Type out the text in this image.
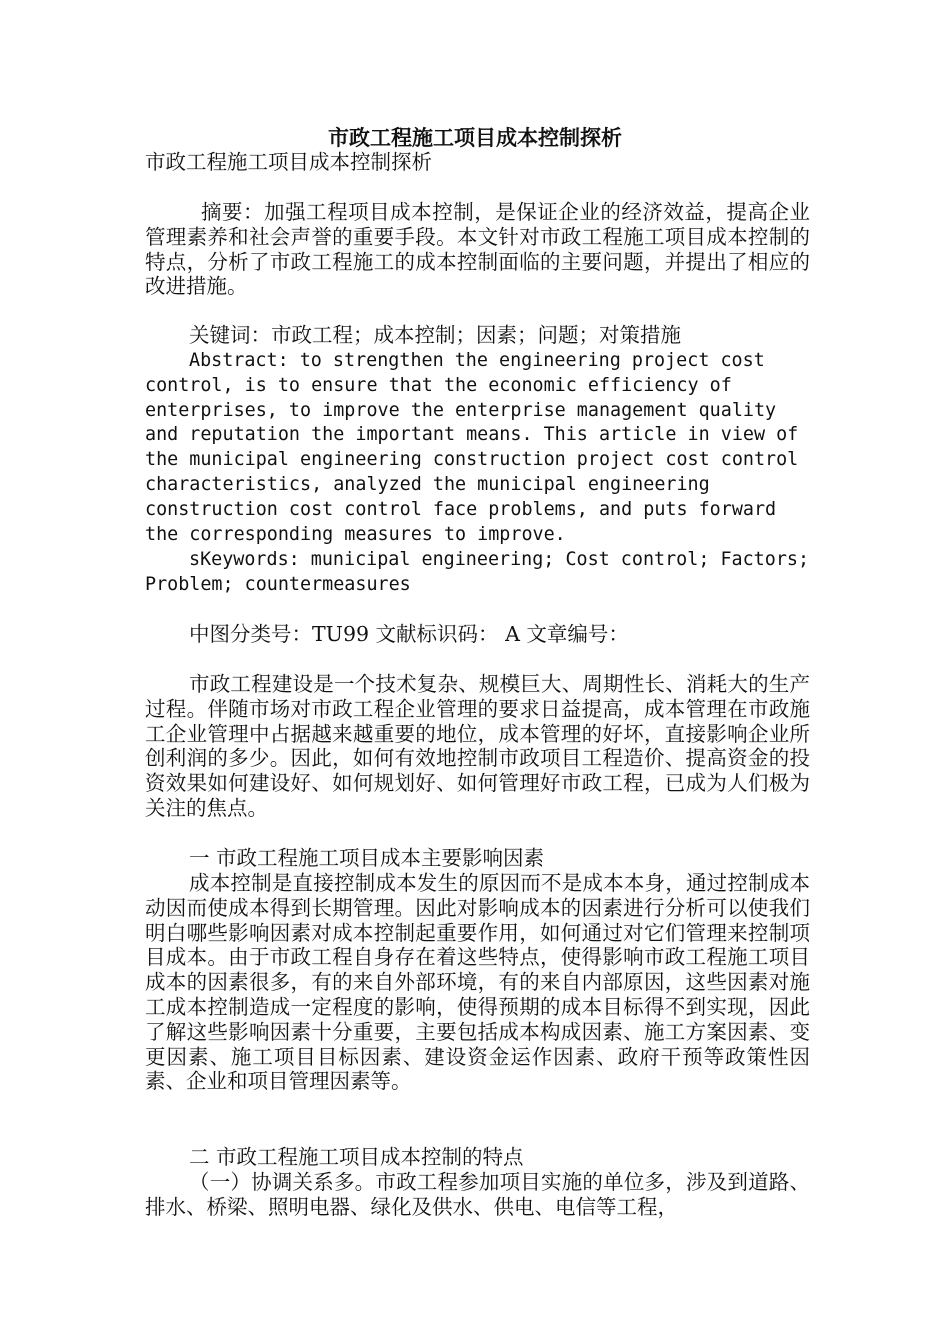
市政工程施工项目成本控制探析
市政工程施工项目成本控制探析

摘要：加强工程项目成本控制，是保证企业的经济效益，提高企业管理素养和社会声誉的重要手段。本文针对市政工程施工项目成本控制的特点，分析了市政工程施工的成本控制面临的主要问题，并提出了相应的改进措施。

关键词：市政工程；成本控制；因素；问题；对策措施

Abstract: to strengthen the engineering project cost control, is to ensure that the economic efficiency of enterprises, to improve the enterprise management quality and reputation the important means. This article in view of the municipal engineering construction project cost control characteristics, analyzed the municipal engineering construction cost control face problems, and puts forward the corresponding measures to improve.

sKeywords: municipal engineering; Cost control; Factors; Problem; countermeasures

中图分类号：TU99 文献标识码： A 文章编号：

市政工程建设是一个技术复杂、规模巨大、周期性长、消耗大的生产过程。伴随市场对市政工程企业管理的要求日益提高，成本管理在市政施工企业管理中占据越来越重要的地位，成本管理的好坏，直接影响企业所创利润的多少。因此，如何有效地控制市政项目工程造价、提高资金的投资效果如何建设好、如何规划好、如何管理好市政工程，已成为人们极为关注的焦点。

一 市政工程施工项目成本主要影响因素

成本控制是直接控制成本发生的原因而不是成本本身，通过控制成本动因而使成本得到长期管理。因此对影响成本的因素进行分析可以使我们明白哪些影响因素对成本控制起重要作用，如何通过对它们管理来控制项目成本。由于市政工程自身存在着这些特点，使得影响市政工程施工项目成本的因素很多，有的来自外部环境，有的来自内部原因，这些因素对施工成本控制造成一定程度的影响，使得预期的成本目标得不到实现，因此了解这些影响因素十分重要，主要包括成本构成因素、施工方案因素、变更因素、施工项目目标因素、建设资金运作因素、政府干预等政策性因素、企业和项目管理因素等。

二 市政工程施工项目成本控制的特点

（一）协调关系多。市政工程参加项目实施的单位多，涉及到道路、排水、桥梁、照明电器、绿化及供水、供电、电信等工程，
